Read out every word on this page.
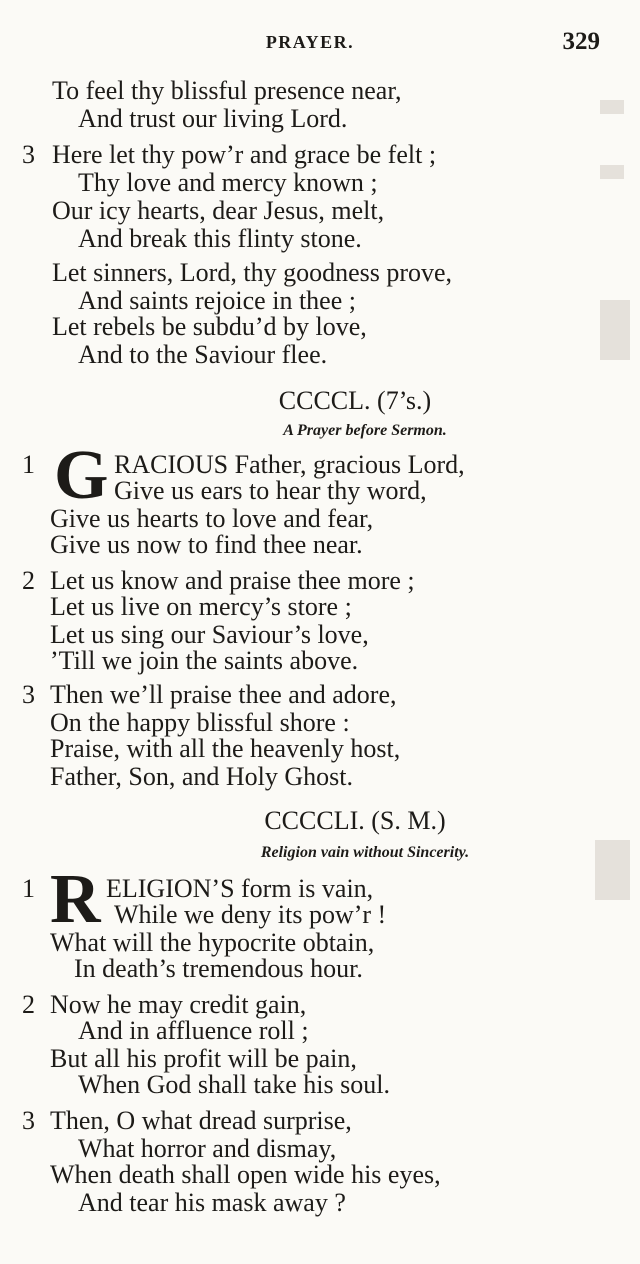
PRAYER.	329
To feel thy blissful presence near,
And trust our living Lord.
3 Here let thy pow’r and grace be felt ;
Thy love and mercy known ;
Our icy hearts, dear Jesus, melt,
And break this flinty stone.
Let sinners, Lord, thy goodness prove,
And saints rejoice in thee ;
Let rebels be subdu’d by love,
And to the Saviour flee.
CCCCL. (7’s.)
A Prayer before Sermon.
1 G RACIOUS Father, gracious Lord,
Give us ears to hear thy word,
Give us hearts to love and fear,
Give us now to find thee near.
2 Let us know and praise thee more ;
Let us live on mercy’s store ;
Let us sing our Saviour’s love,
’Till we join the saints above.
3 Then we’ll praise thee and adore,
On the happy blissful shore :
Praise, with all the heavenly host,
Father, Son, and Holy Ghost.
CCCCLI. (S. M.)
Religion vain without Sincerity.
1 R ELIGION’S form is vain,
While we deny its pow’r !
What will the hypocrite obtain,
In death’s tremendous hour.
2 Now he may credit gain,
And in affluence roll ;
But all his profit will be pain,
When God shall take his soul.
3 Then, O what dread surprise,
What horror and dismay,
When death shall open wide his eyes,
And tear his mask away ?
